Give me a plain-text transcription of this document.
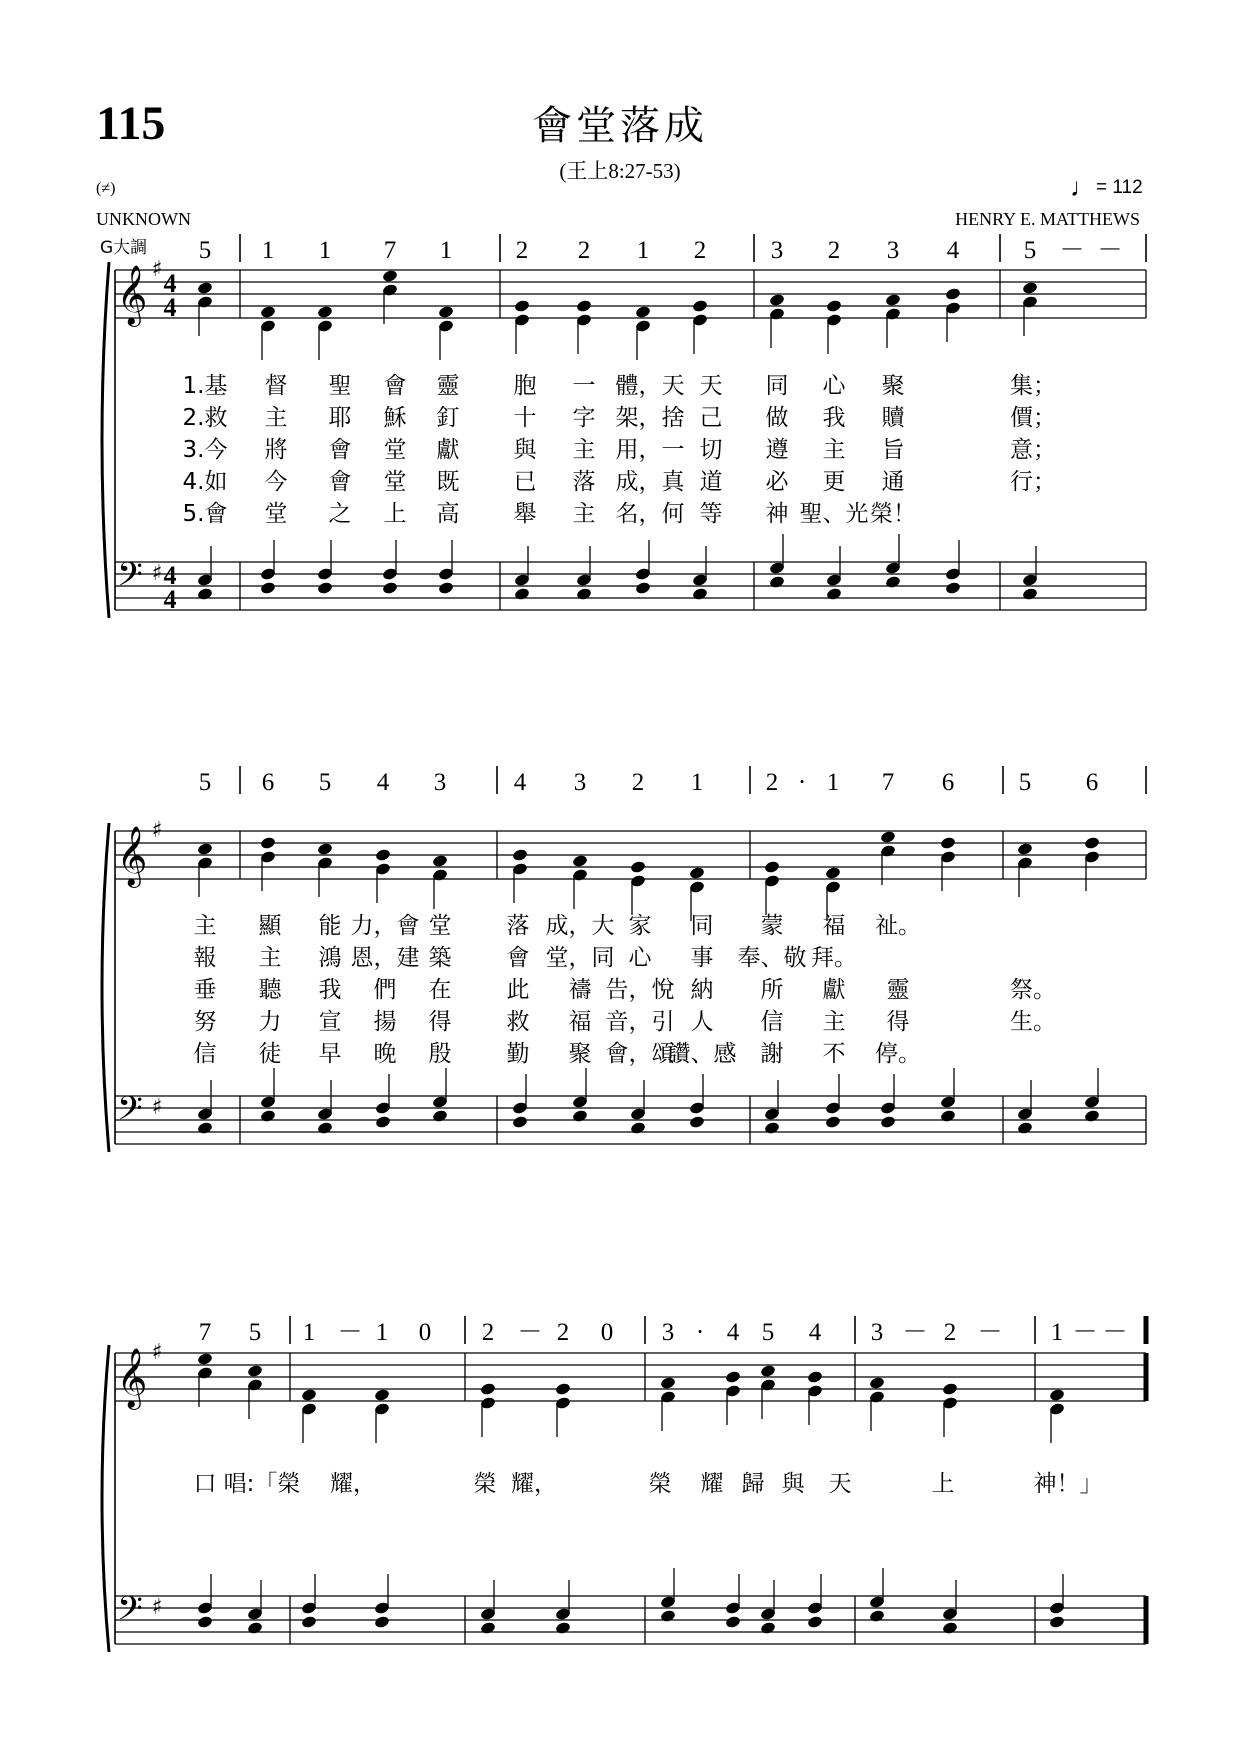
115	會堂落成
(王上8:27-53)
(≠)	♩= 112
UNKNOWN	HENRY E. MATTHEWS
G大調 5 1 1 7 1	2 2 1 2	3 2 3 4	5 － －
𝄞
𝄢
♯
♯
4
4
4
4
1.基 督 聖 會 靈 胞 一 體，天 天 同 心 聚	集；
2.救 主 耶 穌 釘 十 字 架，捨 己 做 我 贖	價；
3.今 將 會 堂 獻 與 主 用，一 切 遵 主 旨	意；
4.如 今 會 堂 既 已 落 成，真 道 必 更 通	行；
5.會 堂 之 上 高 舉 主 名，何 等 神 聖、光 榮！
5 6 5 4 3	4 3 2 1	2 · 1 7 6	5 6
𝄞
𝄢
♯
♯
主 顯 能 力，會 堂 落 成，大 家 同 蒙 福 祉。
報 主 鴻 恩，建 築 會 堂，同 心 事 奉、敬 拜。
垂 聽 我 們 在 此 禱 告，悅 納 所 獻 靈	祭。
努 力 宣 揚 得 救 福 音，引 人 信 主 得	生。
信 徒 早 晚 殷 勤 聚 會，頌
讚、感 謝 不 停。
7 5 1 － 1 0 2 － 2 0 3 · 4 5 4 3 － 2 － 1 － －
𝄞
𝄢
♯
♯
口 唱:「榮 耀，	榮 耀，	榮 耀 歸 與 天	上	神！」
